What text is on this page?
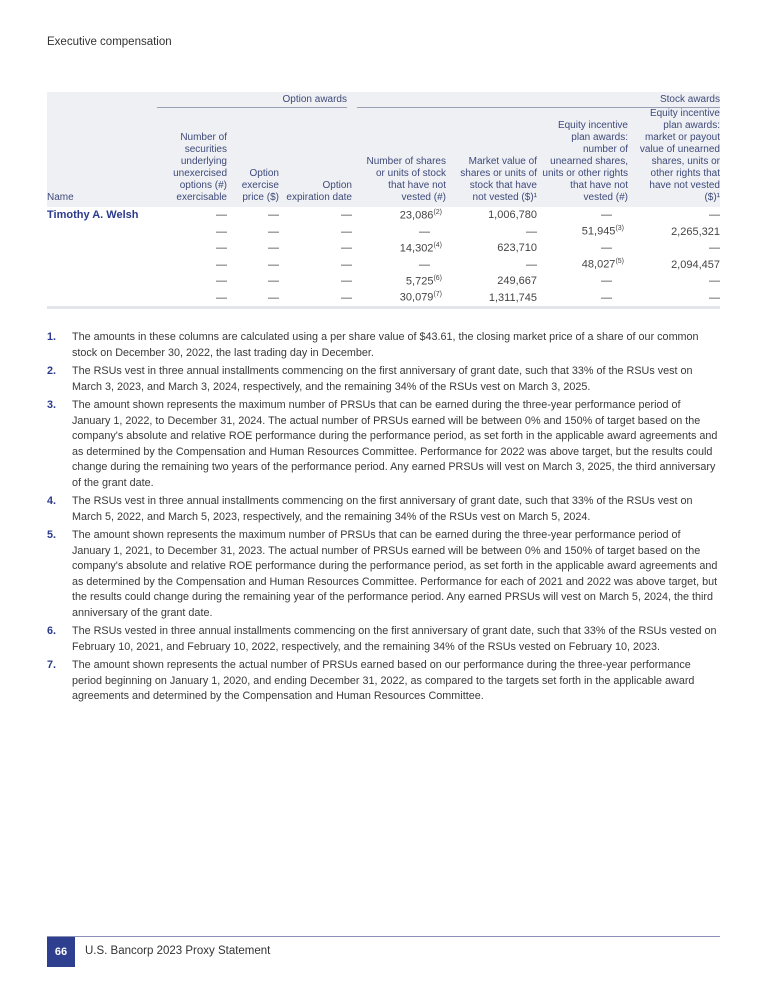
Executive compensation
	Option awards			Stock awards			

Name	Number of securities underlying unexercised options (#) exercisable	Option exercise price ($)	Option expiration date	Number of shares or units of stock that have not vested (#)	Market value of shares or units of stock that have not vested ($)¹	Equity incentive plan awards: number of unearned shares, units or other rights that have not vested (#)	Equity incentive plan awards: market or payout value of unearned shares, units or other rights that have not vested ($)¹

Timothy A. Welsh	—	—	—	23,086$^{(2)}$	1,006,780	—	—
	—	—	—	—	—	51,945$^{(3)}$	2,265,321
	—	—	—	14,302$^{(4)}$	623,710	—	—
	—	—	—	—	—	48,027$^{(5)}$	2,094,457
	—	—	—	5,725$^{(6)}$	249,667	—	—
	—	—	—	30,079$^{(7)}$	1,311,745	—	—
1.	The amounts in these columns are calculated using a per share value of $43.61, the closing market price of a share of our common stock on December 30, 2022, the last trading day in December.
2.	The RSUs vest in three annual installments commencing on the first anniversary of grant date, such that 33% of the RSUs vest on March 3, 2023, and March 3, 2024, respectively, and the remaining 34% of the RSUs vest on March 3, 2025.
3.	The amount shown represents the maximum number of PRSUs that can be earned during the three-year performance period of January 1, 2022, to December 31, 2024. The actual number of PRSUs earned will be between 0% and 150% of target based on the company's absolute and relative ROE performance during the performance period, as set forth in the applicable award agreements and as determined by the Compensation and Human Resources Committee. Performance for 2022 was above target, but the results could change during the remaining two years of the performance period. Any earned PRSUs will vest on March 3, 2025, the third anniversary of the grant date.
4.	The RSUs vest in three annual installments commencing on the first anniversary of grant date, such that 33% of the RSUs vest on March 5, 2022, and March 5, 2023, respectively, and the remaining 34% of the RSUs vest on March 5, 2024.
5.	The amount shown represents the maximum number of PRSUs that can be earned during the three-year performance period of January 1, 2021, to December 31, 2023. The actual number of PRSUs earned will be between 0% and 150% of target based on the company's absolute and relative ROE performance during the performance period, as set forth in the applicable award agreements and as determined by the Compensation and Human Resources Committee. Performance for each of 2021 and 2022 was above target, but the results could change during the remaining year of the performance period. Any earned PRSUs will vest on March 5, 2024, the third anniversary of the grant date.
6.	The RSUs vested in three annual installments commencing on the first anniversary of grant date, such that 33% of the RSUs vested on February 10, 2021, and February 10, 2022, respectively, and the remaining 34% of the RSUs vested on February 10, 2023.
7.	The amount shown represents the actual number of PRSUs earned based on our performance during the three-year performance period beginning on January 1, 2020, and ending December 31, 2022, as compared to the targets set forth in the applicable award agreements and determined by the Compensation and Human Resources Committee.
66	U.S. Bancorp 2023 Proxy Statement
